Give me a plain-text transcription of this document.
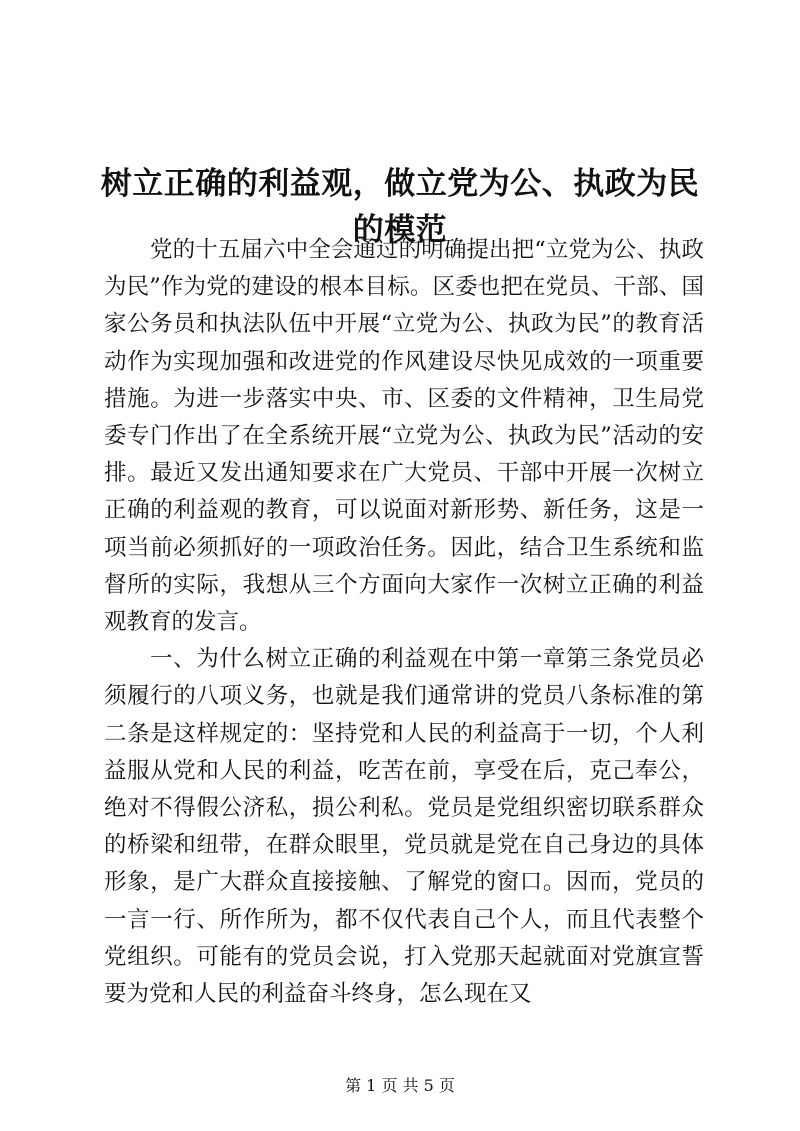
树立正确的利益观，做立党为公、执政为民的模范

党的十五届六中全会通过的明确提出把“立党为公、执政为民”作为党的建设的根本目标。区委也把在党员、干部、国家公务员和执法队伍中开展“立党为公、执政为民”的教育活动作为实现加强和改进党的作风建设尽快见成效的一项重要措施。为进一步落实中央、市、区委的文件精神，卫生局党委专门作出了在全系统开展“立党为公、执政为民”活动的安排。最近又发出通知要求在广大党员、干部中开展一次树立正确的利益观的教育，可以说面对新形势、新任务，这是一项当前必须抓好的一项政治任务。因此，结合卫生系统和监督所的实际，我想从三个方面向大家作一次树立正确的利益观教育的发言。

一、为什么树立正确的利益观在中第一章第三条党员必须履行的八项义务，也就是我们通常讲的党员八条标准的第二条是这样规定的：坚持党和人民的利益高于一切，个人利益服从党和人民的利益，吃苦在前，享受在后，克己奉公，绝对不得假公济私，损公利私。党员是党组织密切联系群众的桥梁和纽带，在群众眼里，党员就是党在自己身边的具体形象，是广大群众直接接触、了解党的窗口。因而，党员的一言一行、所作所为，都不仅代表自己个人，而且代表整个党组织。可能有的党员会说，打入党那天起就面对党旗宣誓要为党和人民的利益奋斗终身，怎么现在又

第 1 页 共 5 页
